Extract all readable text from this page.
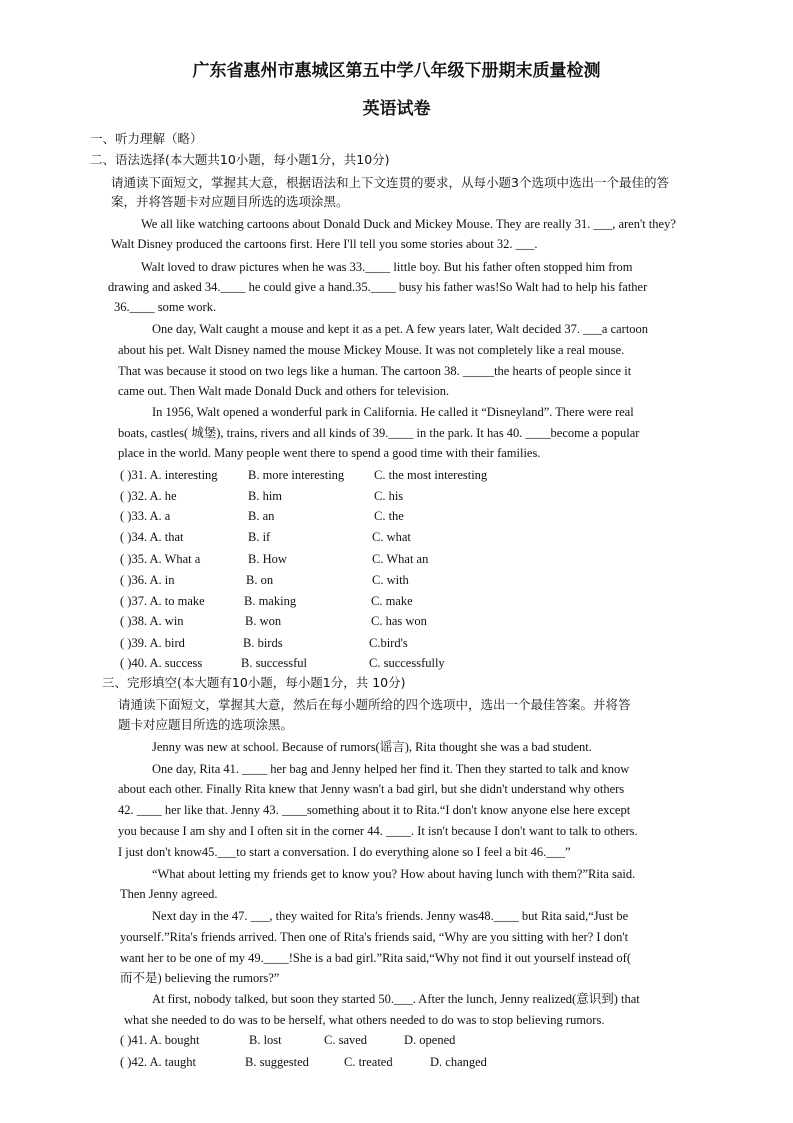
广东省惠州市惠城区第五中学八年级下册期末质量检测
英语试卷
一、听力理解（略）
二、语法选择(本大题共10小题，每小题1分，共10分)
请通读下面短文，掌握其大意，根据语法和上下文连贯的要求，从每小题3个选项中选出一个最佳的答
案，并将答题卡对应题目所选的选项涂黑。
We all like watching cartoons about Donald Duck and Mickey Mouse. They are really 31. ___, aren't they?
Walt Disney produced the cartoons first. Here I'll tell you some stories about 32. ___.
Walt loved to draw pictures when he was 33.____ little boy. But his father often stopped him from
drawing and asked 34.____ he could give a hand.35.____ busy his father was!So Walt had to help his father
36.____ some work.
One day, Walt caught a mouse and kept it as a pet. A few years later, Walt decided 37. ___a cartoon
about his pet. Walt Disney named the mouse Mickey Mouse. It was not completely like a real mouse.
That was because it stood on two legs like a human. The cartoon 38. _____the hearts of people since it
came out. Then Walt made Donald Duck and others for television.
In 1956, Walt opened a wonderful park in California. He called it “Disneyland”. There were real
boats, castles( 城堡), trains, rivers and all kinds of 39.____ in the park. It has 40. ____become a popular
place in the world. Many people went there to spend a good time with their families.
( )31. A. interesting B. more interesting C. the most interesting
( )32. A. he	B. him	C. his
( )33. A. a	B. an	C. the
( )34. A. that	B. if	C. what
( )35. A. What a	B. How	C. What an
( )36. A. in	B. on	C. with
( )37. A. to make	B. making	C. make
( )38. A. win	B. won	C. has won
( )39. A. bird	B. birds	C.bird's
( )40. A. success	B. successful	C. successfully
三、完形填空(本大题有10小题，每小题1分，共 10分)
请通读下面短文，掌握其大意，然后在每小题所给的四个选项中，选出一个最佳答案。并将答
题卡对应题目所选的选项涂黑。
Jenny was new at school. Because of rumors(谣言), Rita thought she was a bad student.
One day, Rita 41. ____ her bag and Jenny helped her find it. Then they started to talk and know
about each other. Finally Rita knew that Jenny wasn't a bad girl, but she didn't understand why others
42. ____ her like that. Jenny 43. ____something about it to Rita.“I don't know anyone else here except
you because I am shy and I often sit in the corner 44. ____. It isn't because I don't want to talk to others.
I just don't know45.___to start a conversation. I do everything alone so I feel a bit 46.___”
“What about letting my friends get to know you? How about having lunch with them?”Rita said.
Then Jenny agreed.
Next day in the 47. ___, they waited for Rita's friends. Jenny was48.____ but Rita said,“Just be
yourself.”Rita's friends arrived. Then one of Rita's friends said, “Why are you sitting with her? I don't
want her to be one of my 49.____!She is a bad girl.”Rita said,“Why not find it out yourself instead of(
而不是) believing the rumors?”
At first, nobody talked, but soon they started 50.___. After the lunch, Jenny realized(意识到) that
what she needed to do was to be herself, what others needed to do was to stop believing rumors.
( )41. A. bought	B. lost	C. saved	D. opened
( )42. A. taught	B. suggested	C. treated	D. changed
